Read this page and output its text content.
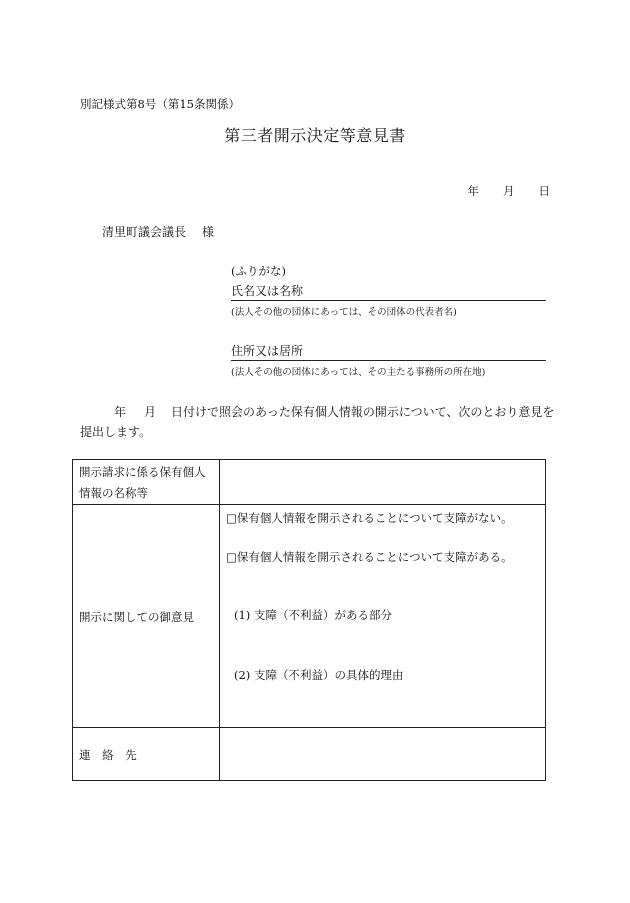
別記様式第8号（第15条関係）
第三者開示決定等意見書
年 月 日
清里町議会議長 様
(ふりがな)
氏名又は名称
(法人その他の団体にあっては、その団体の代表者名)
住所又は居所
(法人その他の団体にあっては、その主たる事務所の所在地)
年 月 日付けで照会のあった保有個人情報の開示について、次のとおり意見を提出します。
開示請求に係る保有個人情報の名称等	
開示に関しての御意見	□保有個人情報を開示されることについて支障がない。
□保有個人情報を開示されることについて支障がある。
(1) 支障（不利益）がある部分
(2) 支障（不利益）の具体的理由

連 絡 先	
